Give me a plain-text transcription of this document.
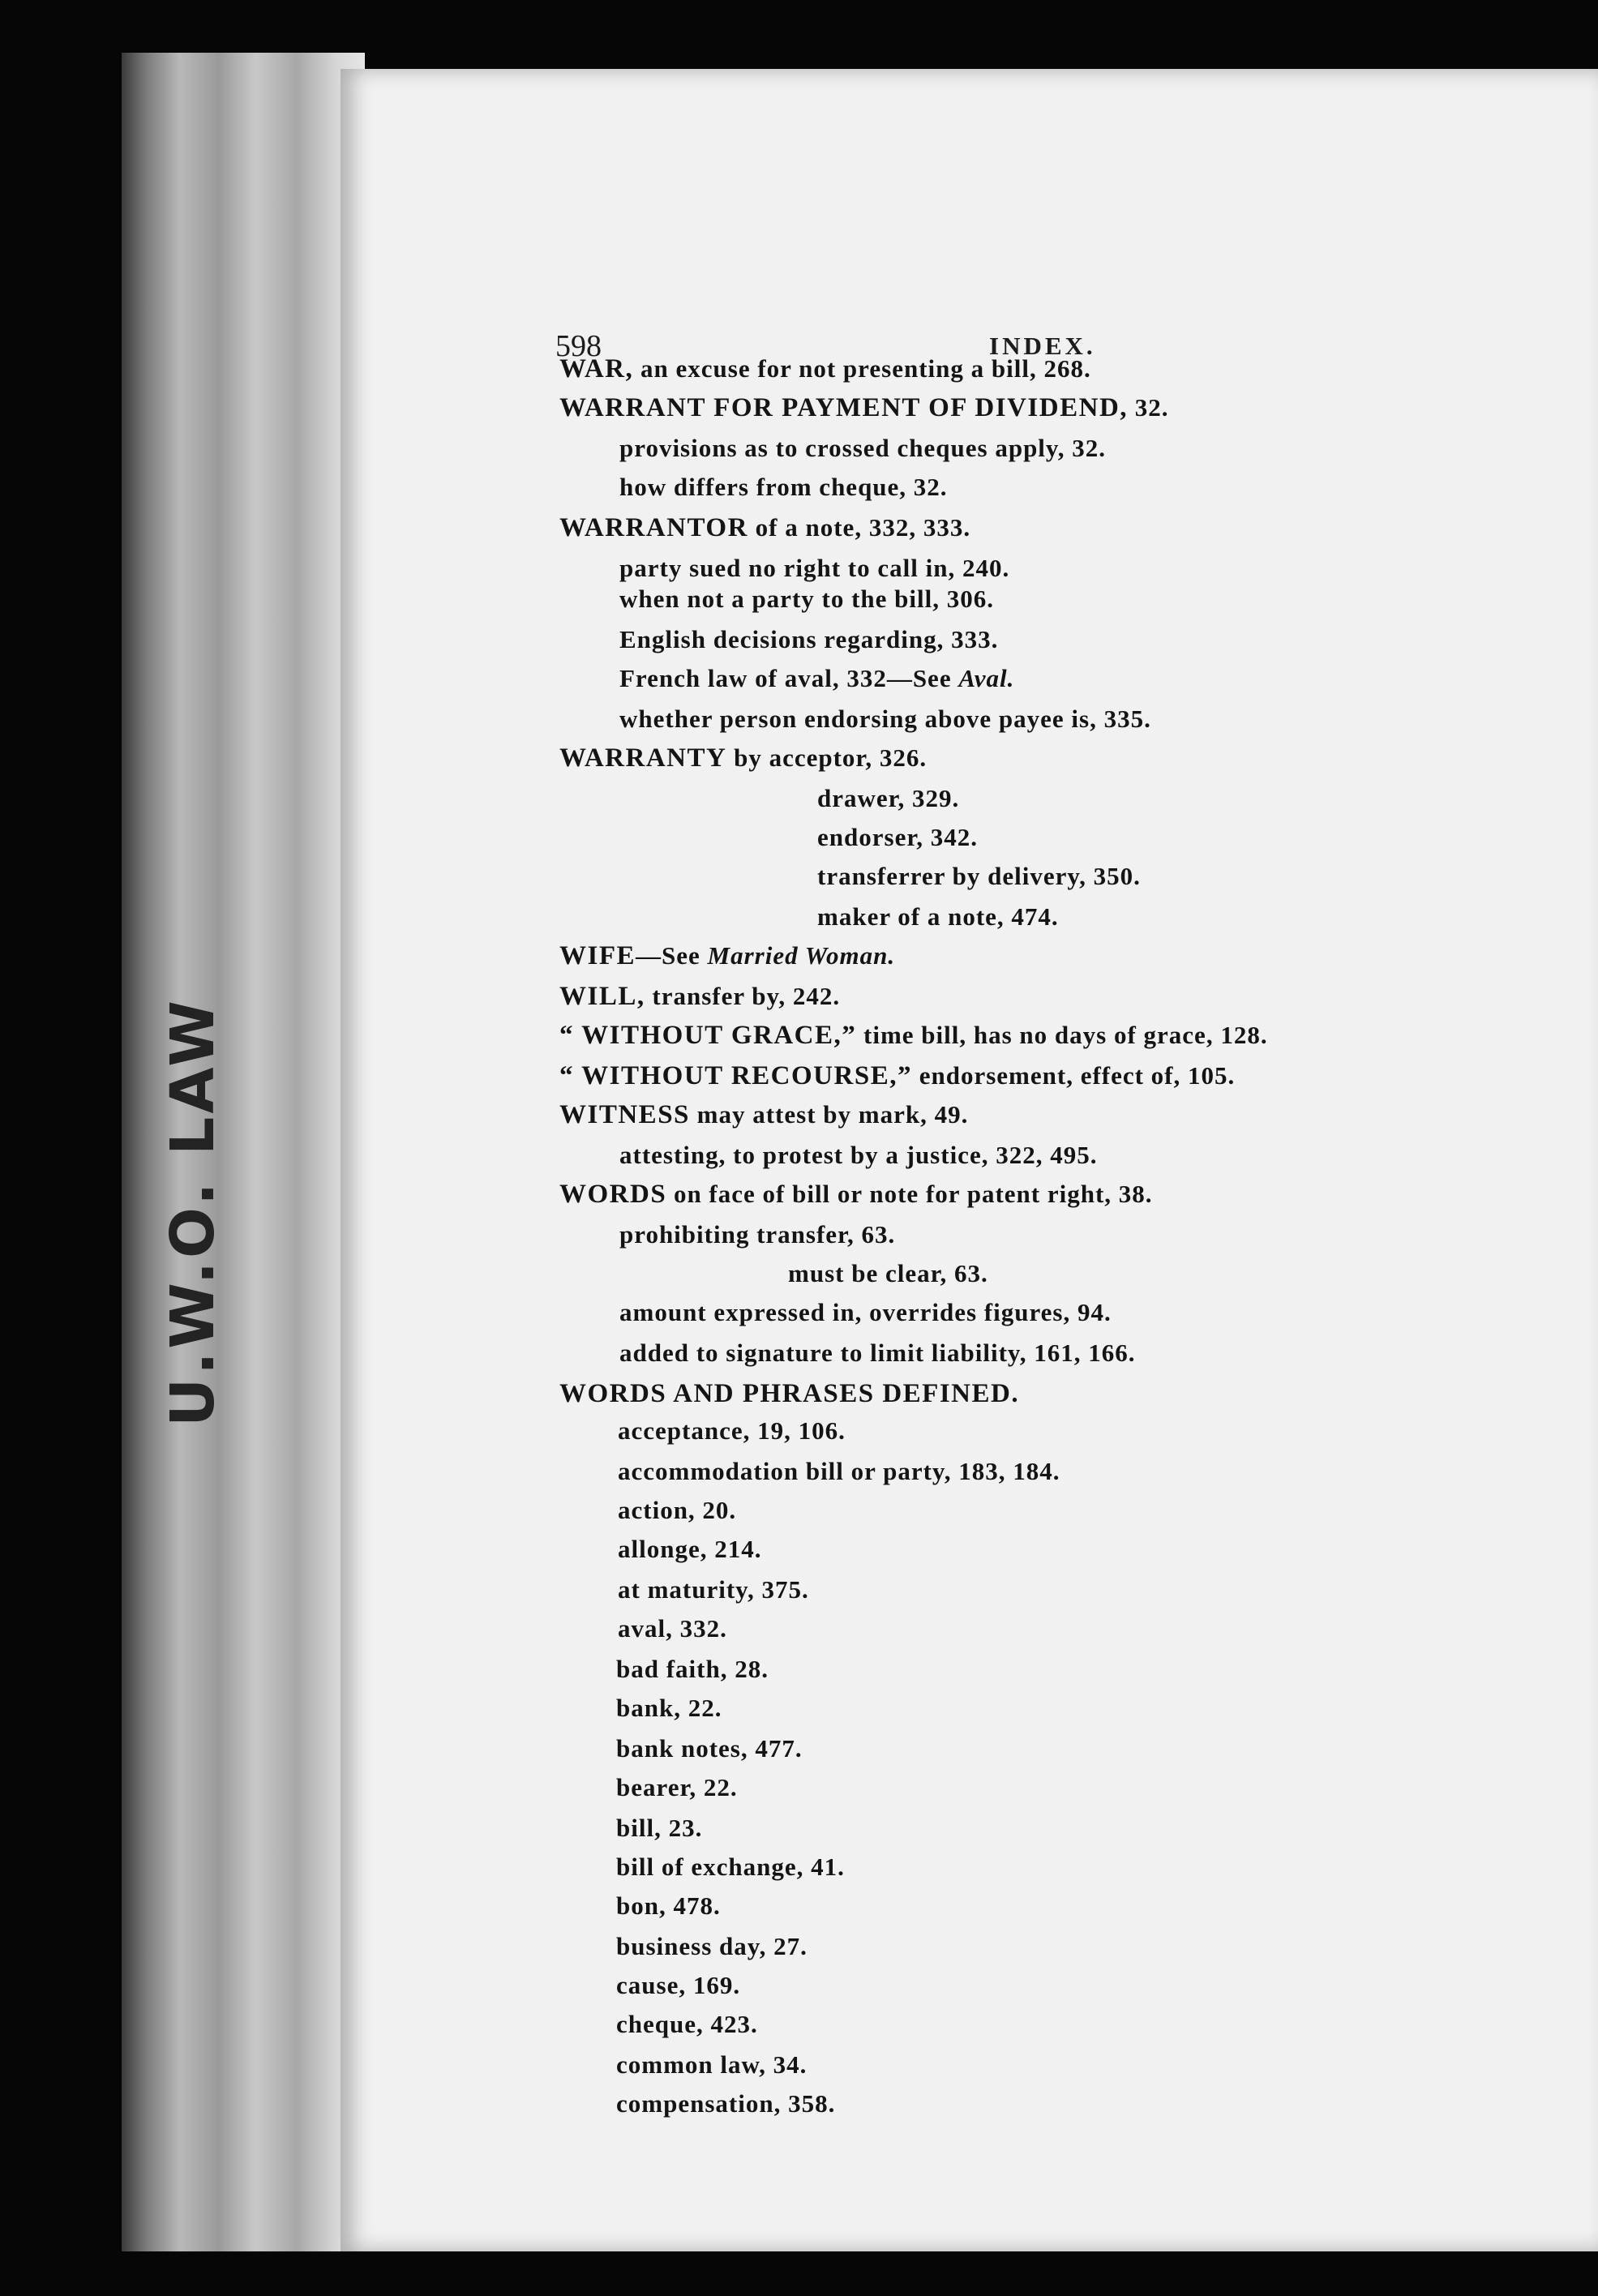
U.W.O. LAW
598	INDEX.
WAR, an excuse for not presenting a bill, 268.
WARRANT FOR PAYMENT OF DIVIDEND, 32.
provisions as to crossed cheques apply, 32.
how differs from cheque, 32.
WARRANTOR of a note, 332, 333.
party sued no right to call in, 240.
when not a party to the bill, 306.
English decisions regarding, 333.
French law of aval, 332—See Aval.
whether person endorsing above payee is, 335.
WARRANTY by acceptor, 326.
drawer, 329.
endorser, 342.
transferrer by delivery, 350.
maker of a note, 474.
WIFE—See Married Woman.
WILL, transfer by, 242.
“ WITHOUT GRACE,” time bill, has no days of grace, 128.
“ WITHOUT RECOURSE,” endorsement, effect of, 105.
WITNESS may attest by mark, 49.
attesting, to protest by a justice, 322, 495.
WORDS on face of bill or note for patent right, 38.
prohibiting transfer, 63.
must be clear, 63.
amount expressed in, overrides figures, 94.
added to signature to limit liability, 161, 166.
WORDS AND PHRASES DEFINED.
acceptance, 19, 106.
accommodation bill or party, 183, 184.
action, 20.
allonge, 214.
at maturity, 375.
aval, 332.
bad faith, 28.
bank, 22.
bank notes, 477.
bearer, 22.
bill, 23.
bill of exchange, 41.
bon, 478.
business day, 27.
cause, 169.
cheque, 423.
common law, 34.
compensation, 358.
